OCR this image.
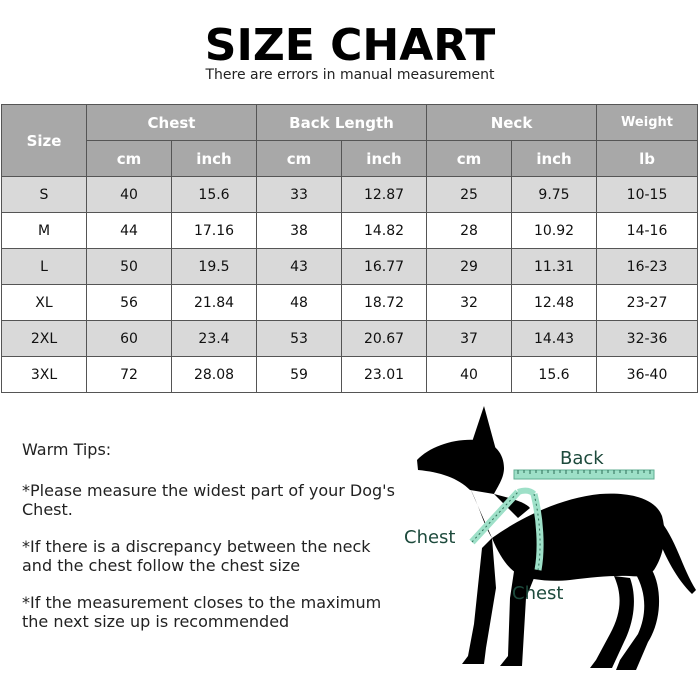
SIZE CHART
There are errors in manual measurement
Size	Chest		Back Length		Neck		Weight
	cm	inch	cm	inch	cm	inch	lb
S	40	15.6	33	12.87	25	9.75	10-15
M	44	17.16	38	14.82	28	10.92	14-16
L	50	19.5	43	16.77	29	11.31	16-23
XL	56	21.84	48	18.72	32	12.48	23-27
2XL	60	23.4	53	20.67	37	14.43	32-36
3XL	72	28.08	59	23.01	40	15.6	36-40
Warm Tips:
*Please measure the widest part of your Dog's Chest.
*If there is a discrepancy between the neck and the chest follow the chest size
*If the measurement closes to the maximum the next size up is recommended
Back
Chest
Chest
